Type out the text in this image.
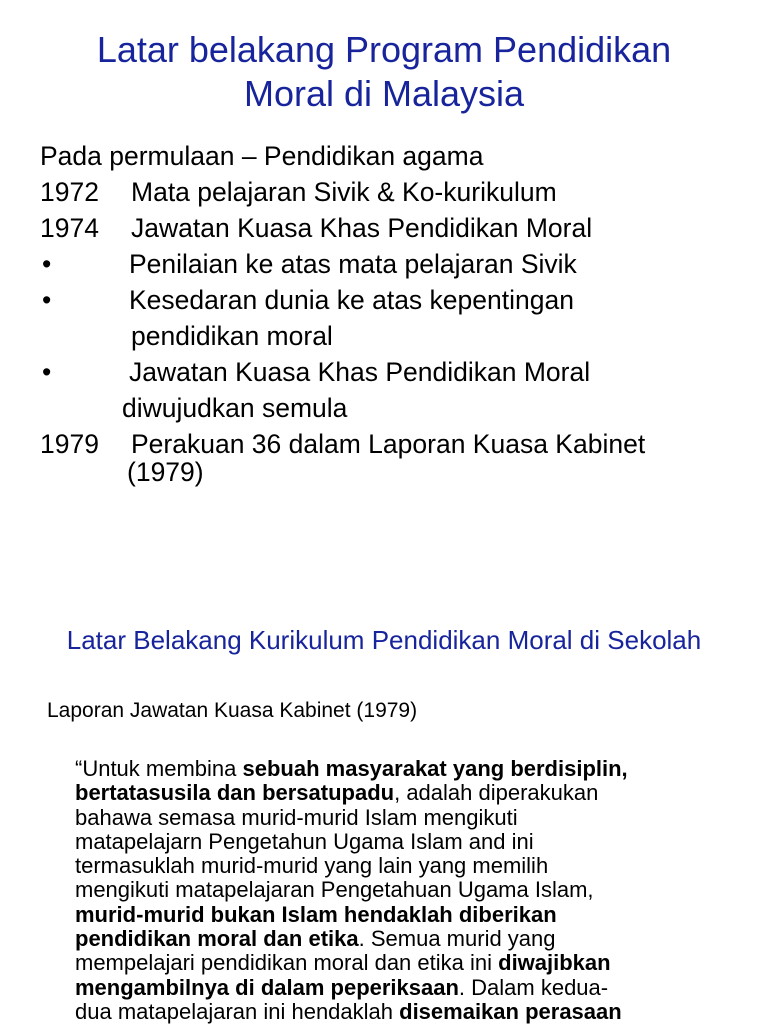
Latar belakang Program Pendidikan
Moral di Malaysia
Pada permulaan – Pendidikan agama
1972 Mata pelajaran Sivik & Ko-kurikulum
1974 Jawatan Kuasa Khas Pendidikan Moral
•	Penilaian ke atas mata pelajaran Sivik
•	Kesedaran dunia ke atas kepentingan
pendidikan moral
•	Jawatan Kuasa Khas Pendidikan Moral
diwujudkan semula
1979 Perakuan 36 dalam Laporan Kuasa Kabinet
(1979)
Latar Belakang Kurikulum Pendidikan Moral di Sekolah
Laporan Jawatan Kuasa Kabinet (1979)
“Untuk membina sebuah masyarakat yang berdisiplin,
bertatasusila dan bersatupadu, adalah diperakukan
bahawa semasa murid-murid Islam mengikuti
matapelajarn Pengetahun Ugama Islam and ini
termasuklah murid-murid yang lain yang memilih
mengikuti matapelajaran Pengetahuan Ugama Islam,
murid-murid bukan Islam hendaklah diberikan
pendidikan moral dan etika. Semua murid yang
mempelajari pendidikan moral dan etika ini diwajibkan
mengambilnya di dalam peperiksaan. Dalam kedua-
dua matapelajaran ini hendaklah disemaikan perasaan
